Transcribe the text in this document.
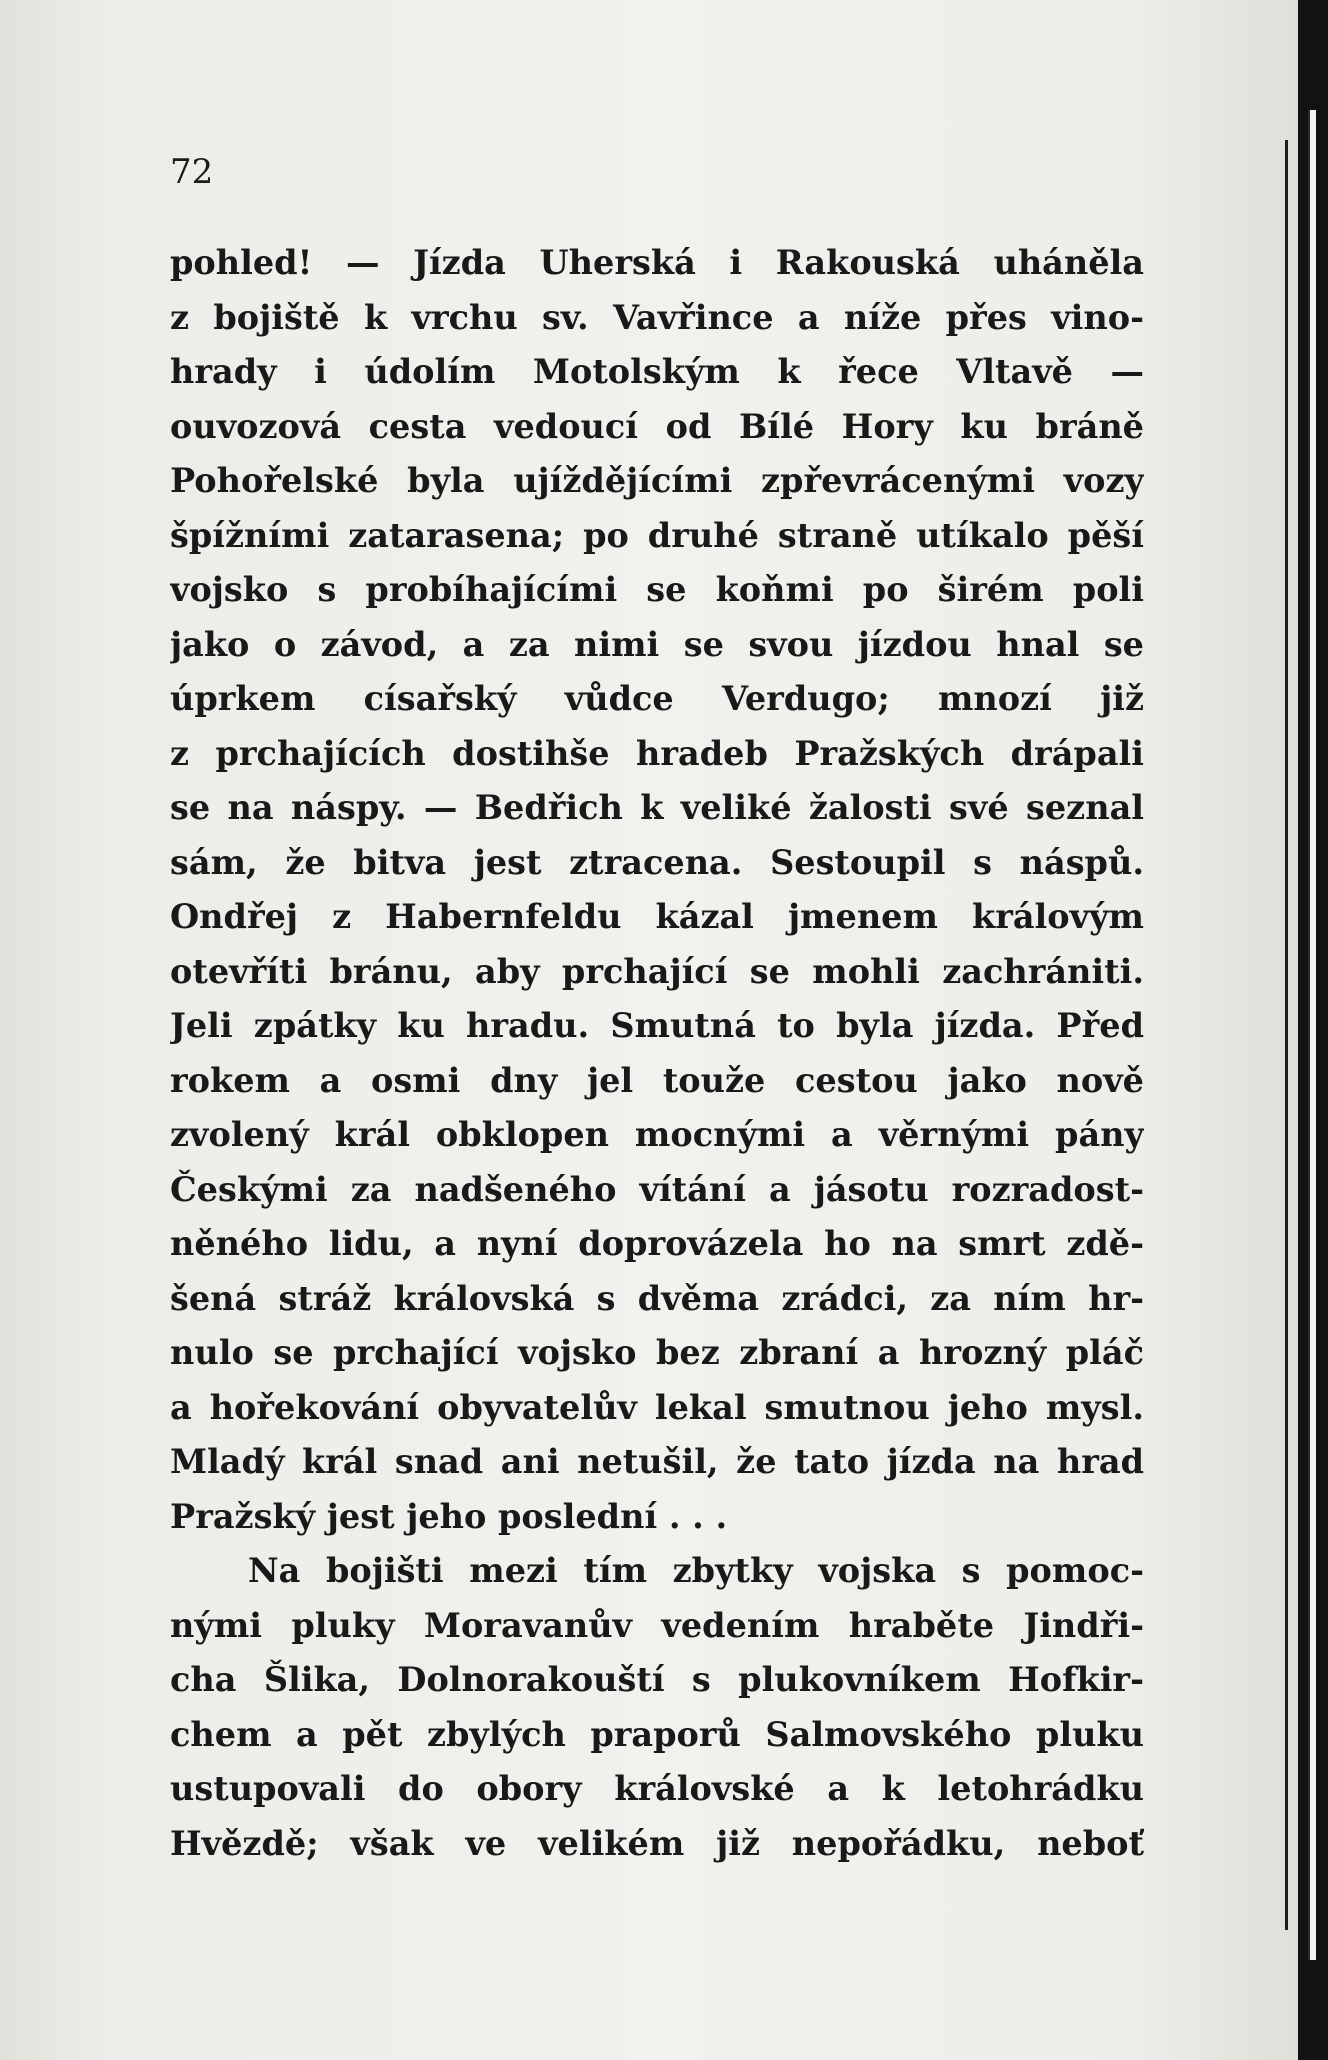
72

pohled! — Jízda Uherská i Rakouská uháněla
z bojiště k vrchu sv. Vavřince a níže přes vino-
hrady i údolím Motolským k řece Vltavě —
ouvozová cesta vedoucí od Bílé Hory ku bráně
Pohořelské byla ujíždějícími zpřevrácenými vozy
špížními zatarasena; po druhé straně utíkalo pěší
vojsko s probíhajícími se koňmi po širém poli
jako o závod, a za nimi se svou jízdou hnal se
úprkem císařský vůdce Verdugo; mnozí již
z prchajících dostihše hradeb Pražských drápali
se na náspy. — Bedřich k veliké žalosti své seznal
sám, že bitva jest ztracena. Sestoupil s náspů.
Ondřej z Habernfeldu kázal jmenem královým
otevříti bránu, aby prchající se mohli zachrániti.
Jeli zpátky ku hradu. Smutná to byla jízda. Před
rokem a osmi dny jel touže cestou jako nově
zvolený král obklopen mocnými a věrnými pány
Českými za nadšeného vítání a jásotu rozradost-
něného lidu, a nyní doprovázela ho na smrt zdě-
šená stráž královská s dvěma zrádci, za ním hr-
nulo se prchající vojsko bez zbraní a hrozný pláč
a hořekování obyvatelův lekal smutnou jeho mysl.
Mladý král snad ani netušil, že tato jízda na hrad
Pražský jest jeho poslední . . .
Na bojišti mezi tím zbytky vojska s pomoc-
nými pluky Moravanův vedením hraběte Jindři-
cha Šlika, Dolnorakouští s plukovníkem Hofkir-
chem a pět zbylých praporů Salmovského pluku
ustupovali do obory královské a k letohrádku
Hvězdě; však ve velikém již nepořádku, neboť
